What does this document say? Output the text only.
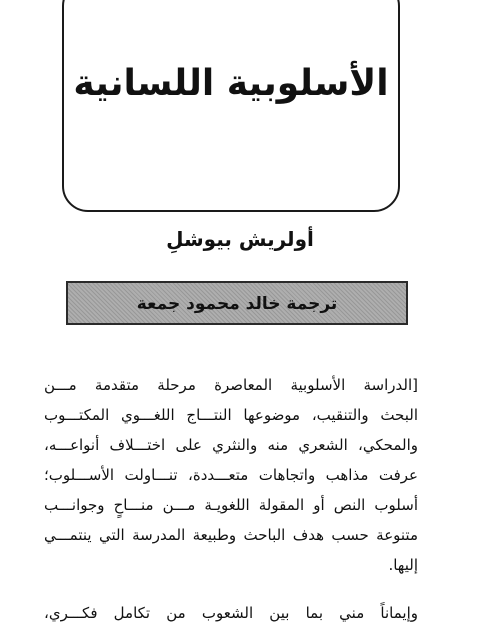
الأسلوبية اللسانية
أولريش بيوشلِ
ترجمة خالد محمود جمعة
[الدراسة الأسلوبية المعاصرة مرحلة متقدمة مـــن
البحث والتنقيب، موضوعها النتـــاج اللغـــوي المكتـــوب
والمحكي، الشعري منه والنثري على اختـــلاف أنواعـــه،
عرفت مذاهب واتجاهات متعـــددة، تنـــاولت الأســـلوب؛
أسلوب النص أو المقولة اللغويـة مـــن منـــاحٍ وجوانـــب
متنوعة حسب هدف الباحث وطبيعة المدرسة التي ينتمـــي
إليها.
وإيماناً مني بما بين الشعوب من تكامل فكـــري،
